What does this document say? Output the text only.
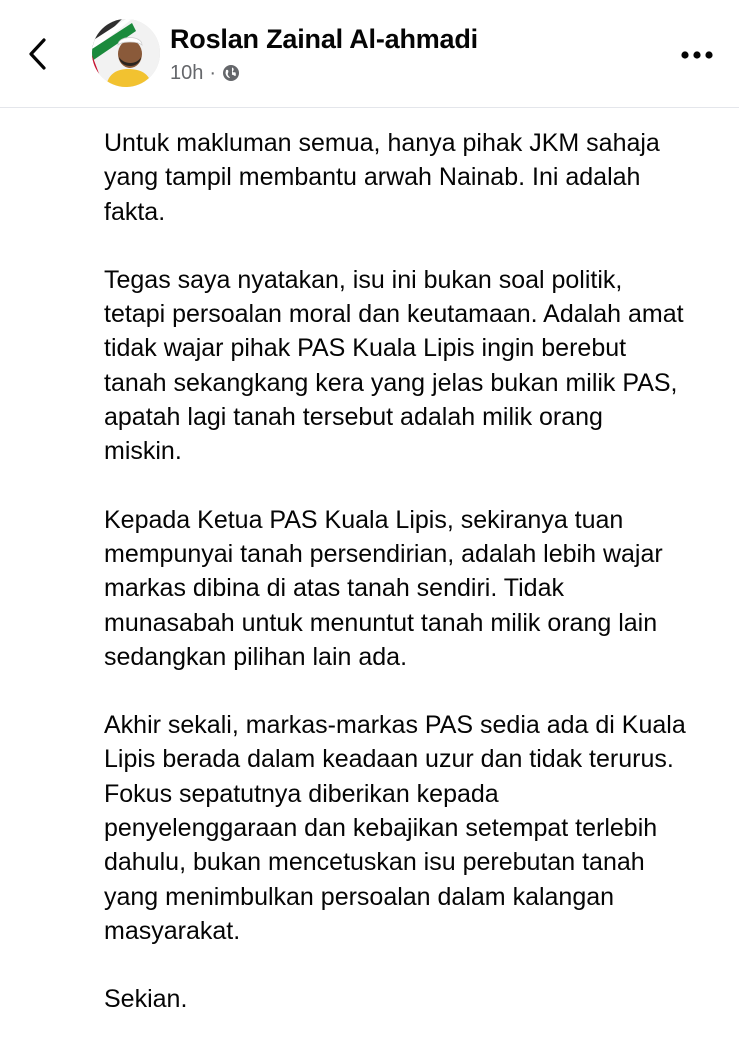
Roslan Zainal Al-ahmadi
10h ·

Untuk makluman semua, hanya pihak JKM sahaja
yang tampil membantu arwah Nainab. Ini adalah
fakta.

Tegas saya nyatakan, isu ini bukan soal politik,
tetapi persoalan moral dan keutamaan. Adalah amat
tidak wajar pihak PAS Kuala Lipis ingin berebut
tanah sekangkang kera yang jelas bukan milik PAS,
apatah lagi tanah tersebut adalah milik orang
miskin.

Kepada Ketua PAS Kuala Lipis, sekiranya tuan
mempunyai tanah persendirian, adalah lebih wajar
markas dibina di atas tanah sendiri. Tidak
munasabah untuk menuntut tanah milik orang lain
sedangkan pilihan lain ada.

Akhir sekali, markas-markas PAS sedia ada di Kuala
Lipis berada dalam keadaan uzur dan tidak terurus.
Fokus sepatutnya diberikan kepada
penyelenggaraan dan kebajikan setempat terlebih
dahulu, bukan mencetuskan isu perebutan tanah
yang menimbulkan persoalan dalam kalangan
masyarakat.

Sekian.
